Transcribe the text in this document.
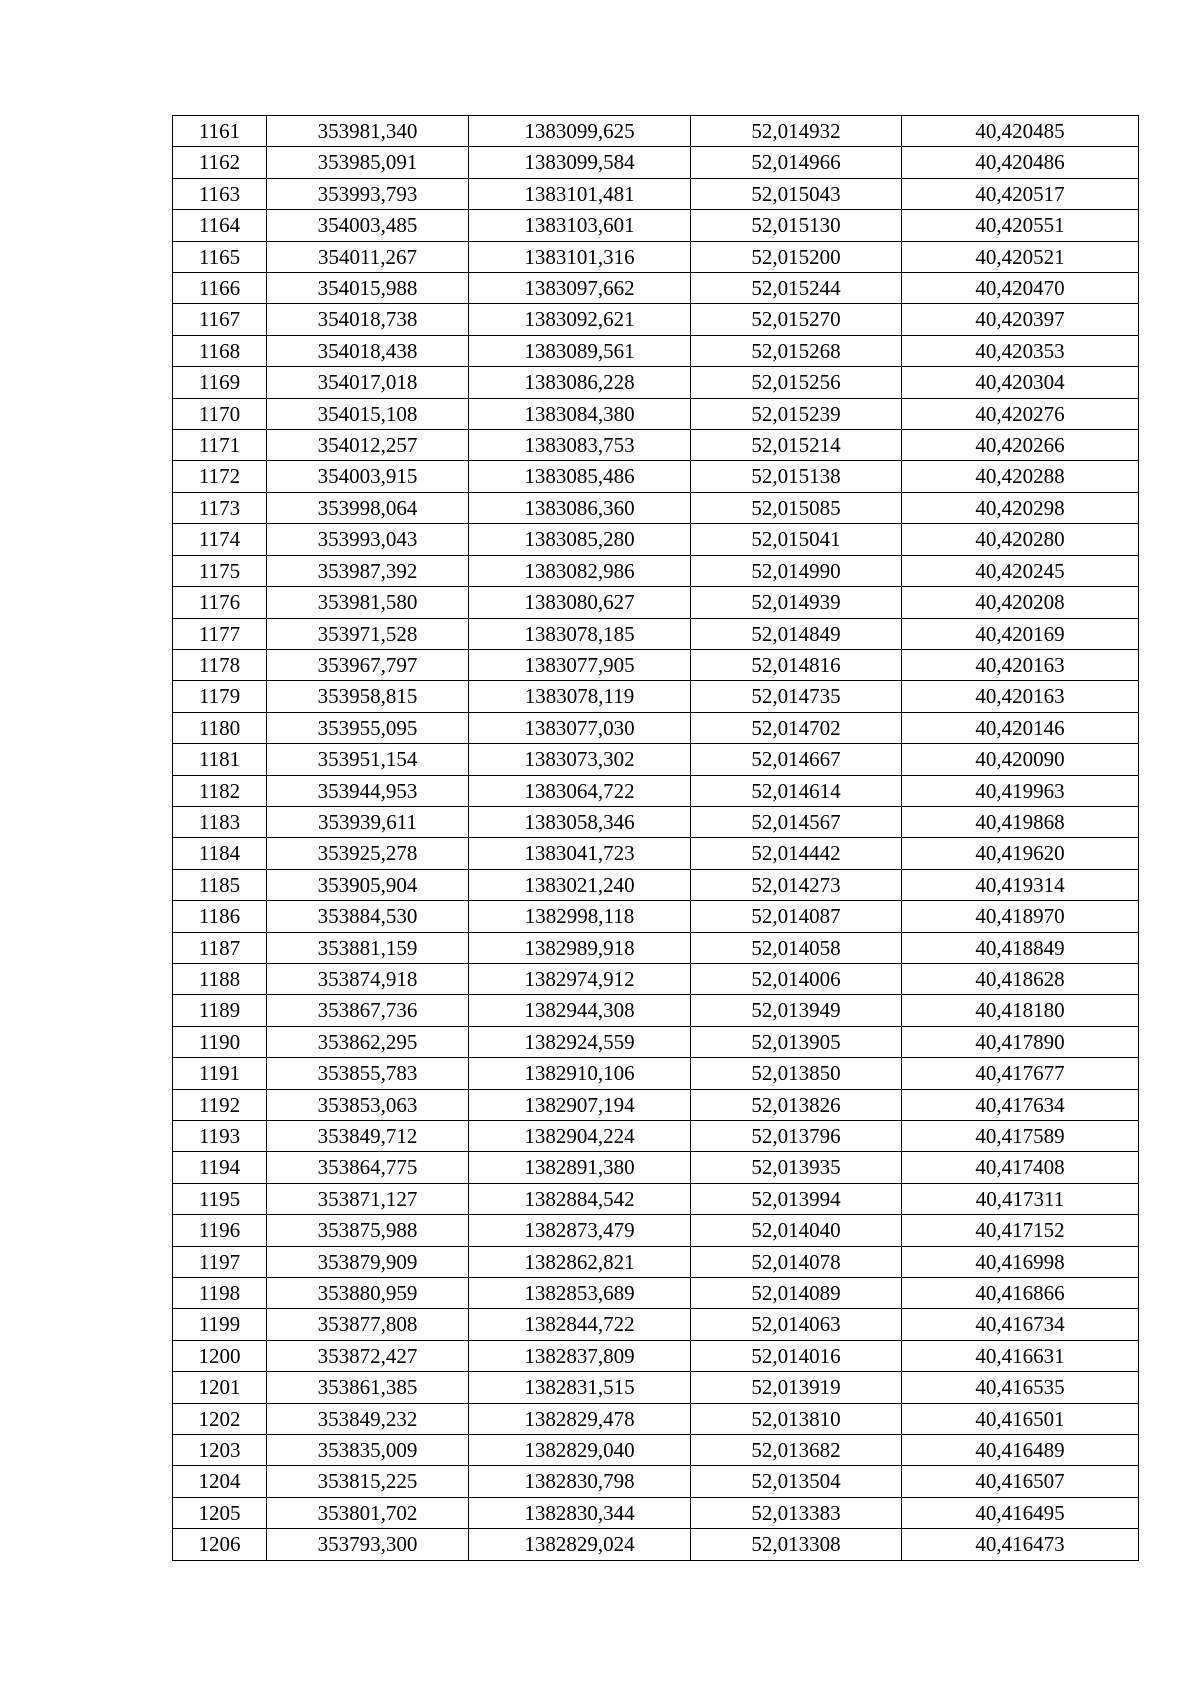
1161	353981,340	1383099,625	52,014932	40,420485
1162	353985,091	1383099,584	52,014966	40,420486
1163	353993,793	1383101,481	52,015043	40,420517
1164	354003,485	1383103,601	52,015130	40,420551
1165	354011,267	1383101,316	52,015200	40,420521
1166	354015,988	1383097,662	52,015244	40,420470
1167	354018,738	1383092,621	52,015270	40,420397
1168	354018,438	1383089,561	52,015268	40,420353
1169	354017,018	1383086,228	52,015256	40,420304
1170	354015,108	1383084,380	52,015239	40,420276
1171	354012,257	1383083,753	52,015214	40,420266
1172	354003,915	1383085,486	52,015138	40,420288
1173	353998,064	1383086,360	52,015085	40,420298
1174	353993,043	1383085,280	52,015041	40,420280
1175	353987,392	1383082,986	52,014990	40,420245
1176	353981,580	1383080,627	52,014939	40,420208
1177	353971,528	1383078,185	52,014849	40,420169
1178	353967,797	1383077,905	52,014816	40,420163
1179	353958,815	1383078,119	52,014735	40,420163
1180	353955,095	1383077,030	52,014702	40,420146
1181	353951,154	1383073,302	52,014667	40,420090
1182	353944,953	1383064,722	52,014614	40,419963
1183	353939,611	1383058,346	52,014567	40,419868
1184	353925,278	1383041,723	52,014442	40,419620
1185	353905,904	1383021,240	52,014273	40,419314
1186	353884,530	1382998,118	52,014087	40,418970
1187	353881,159	1382989,918	52,014058	40,418849
1188	353874,918	1382974,912	52,014006	40,418628
1189	353867,736	1382944,308	52,013949	40,418180
1190	353862,295	1382924,559	52,013905	40,417890
1191	353855,783	1382910,106	52,013850	40,417677
1192	353853,063	1382907,194	52,013826	40,417634
1193	353849,712	1382904,224	52,013796	40,417589
1194	353864,775	1382891,380	52,013935	40,417408
1195	353871,127	1382884,542	52,013994	40,417311
1196	353875,988	1382873,479	52,014040	40,417152
1197	353879,909	1382862,821	52,014078	40,416998
1198	353880,959	1382853,689	52,014089	40,416866
1199	353877,808	1382844,722	52,014063	40,416734
1200	353872,427	1382837,809	52,014016	40,416631
1201	353861,385	1382831,515	52,013919	40,416535
1202	353849,232	1382829,478	52,013810	40,416501
1203	353835,009	1382829,040	52,013682	40,416489
1204	353815,225	1382830,798	52,013504	40,416507
1205	353801,702	1382830,344	52,013383	40,416495
1206	353793,300	1382829,024	52,013308	40,416473
